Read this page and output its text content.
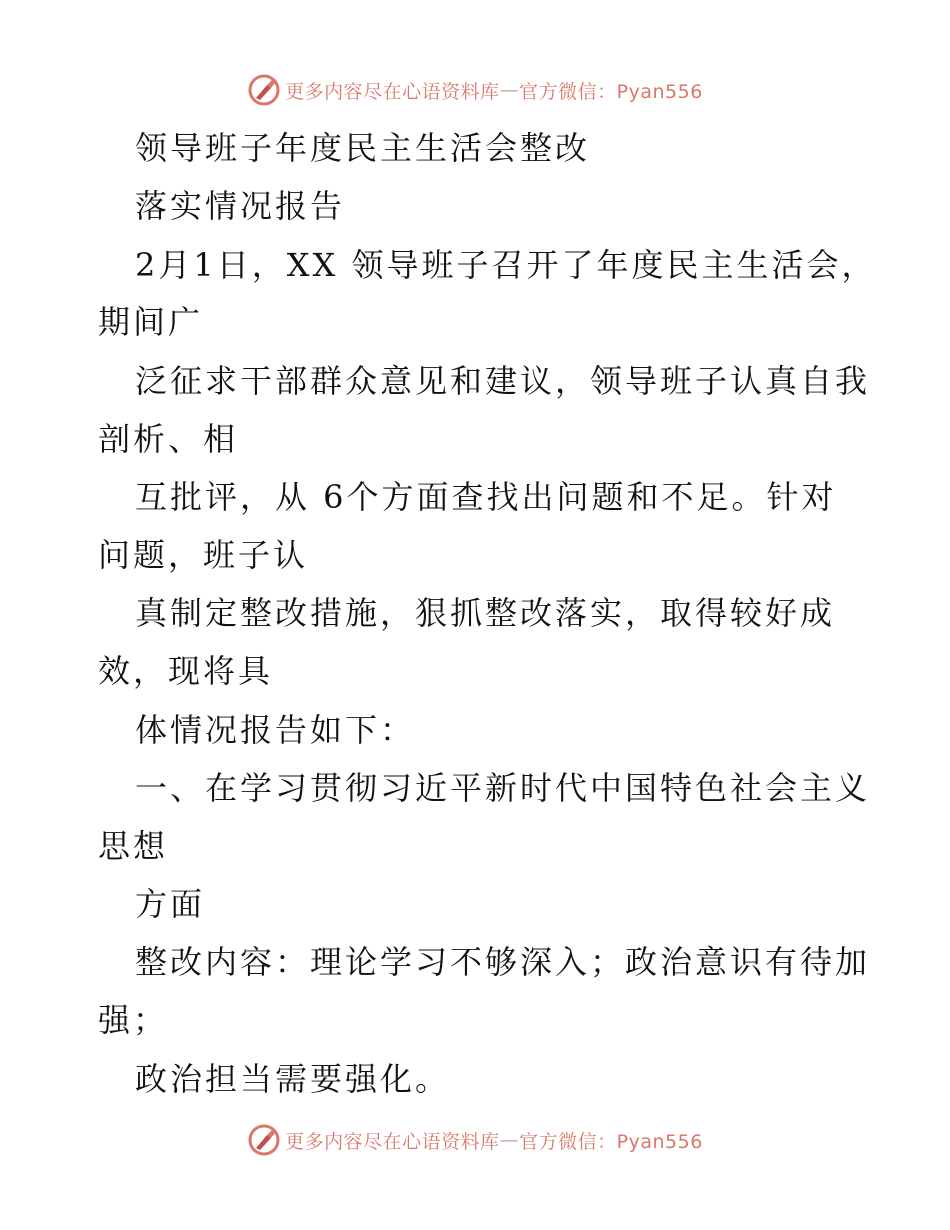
更多内容尽在心语资料库 — 官方微信：Pyan556
领导班子年度民主生活会整改
落实情况报告
2月1日，XX 领导班子召开了年度民主生活会，
期间广
泛征求干部群众意见和建议，领导班子认真自我
剖析、相
互批评，从 6个方面查找出问题和不足。针对
问题，班子认
真制定整改措施，狠抓整改落实，取得较好成
效，现将具
体情况报告如下：
一、在学习贯彻习近平新时代中国特色社会主义
思想
方面
整改内容：理论学习不够深入；政治意识有待加
强；
政治担当需要强化。
更多内容尽在心语资料库 — 官方微信：Pyan556
